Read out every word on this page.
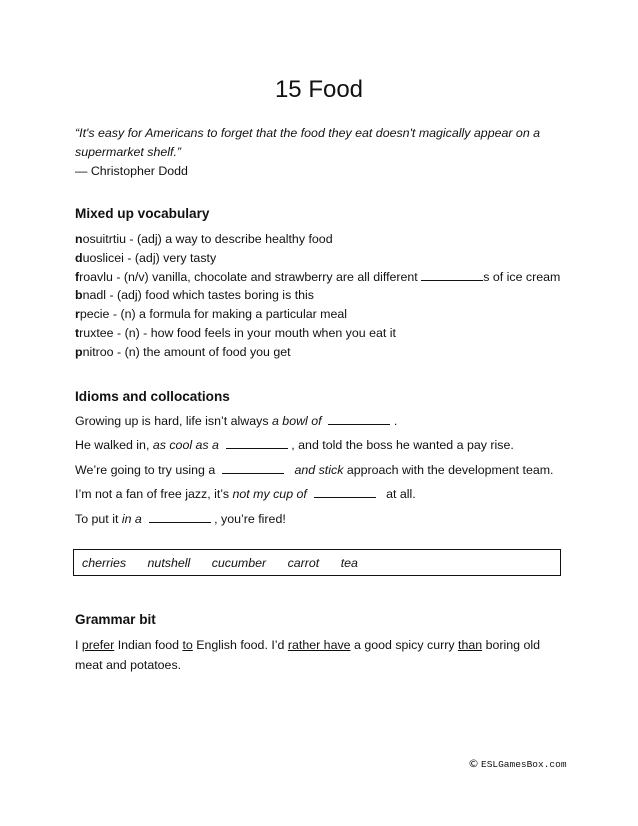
15 Food
“It's easy for Americans to forget that the food they eat doesn't magically appear on a supermarket shelf.”
— Christopher Dodd
Mixed up vocabulary
nosuitrtiu - (adj) a way to describe healthy food
duoslicei - (adj) very tasty
froavlu - (n/v) vanilla, chocolate and strawberry are all different	s of ice cream
bnadl - (adj) food which tastes boring is this
rpecie - (n) a formula for making a particular meal
truxtee - (n) - how food feels in your mouth when you eat it
pnitroo - (n) the amount of food you get
Idioms and collocations
Growing up is hard, life isn’t always a bowl of	.
He walked in, as cool as a	, and told the boss he wanted a pay rise.
We’re going to try using a	and stick approach with the development team.
I’m not a fan of free jazz, it’s not my cup of	at all.
To put it in a	, you’re fired!
cherries nutshell cucumber carrot tea
Grammar bit
I prefer Indian food to English food. I’d rather have a good spicy curry than boring old meat and potatoes.
© ESLGamesBox.com
